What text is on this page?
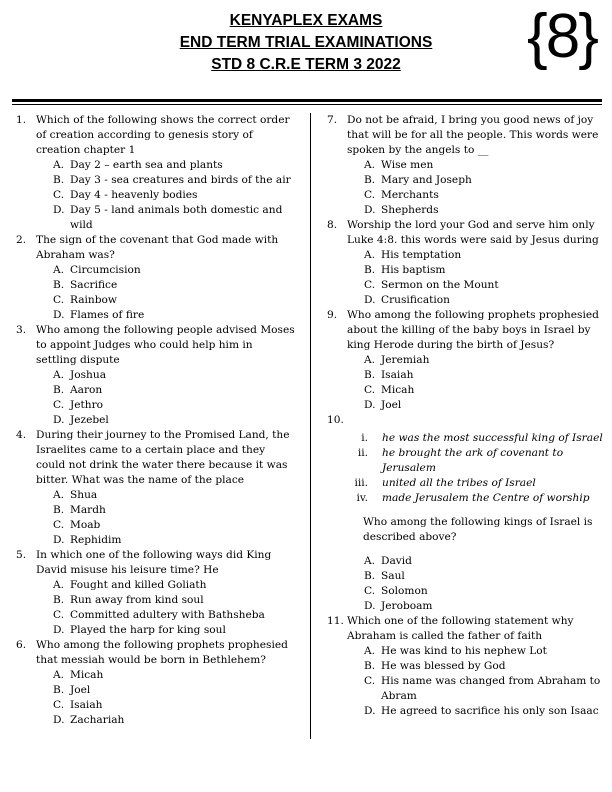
KENYAPLEX EXAMS
END TERM TRIAL EXAMINATIONS
STD 8 C.R.E TERM 3 2022	{8}
1. Which of the following shows the correct order of creation according to genesis story of creation chapter 1
A. Day 2 – earth sea and plants
B. Day 3 - sea creatures and birds of the air
C. Day 4 - heavenly bodies
D. Day 5 - land animals both domestic and wild
2. The sign of the covenant that God made with Abraham was?
A. Circumcision
B. Sacrifice
C. Rainbow
D. Flames of fire
3. Who among the following people advised Moses to appoint Judges who could help him in settling dispute
A. Joshua
B. Aaron
C. Jethro
D. Jezebel
4. During their journey to the Promised Land, the Israelites came to a certain place and they could not drink the water there because it was bitter. What was the name of the place
A. Shua
B. Mardh
C. Moab
D. Rephidim
5. In which one of the following ways did King David misuse his leisure time? He
A. Fought and killed Goliath
B. Run away from kind soul
C. Committed adultery with Bathsheba
D. Played the harp for king soul
6. Who among the following prophets prophesied that messiah would be born in Bethlehem?
A. Micah
B. Joel
C. Isaiah
D. Zachariah
7. Do not be afraid, I bring you good news of joy that will be for all the people. This words were spoken by the angels to __
A. Wise men
B. Mary and Joseph
C. Merchants
D. Shepherds
8. Worship the lord your God and serve him only Luke 4:8. this words were said by Jesus during
A. His temptation
B. His baptism
C. Sermon on the Mount
D. Crusification
9. Who among the following prophets prophesied about the killing of the baby boys in Israel by king Herode during the birth of Jesus?
A. Jeremiah
B. Isaiah
C. Micah
D. Joel
10.

i. he was the most successful king of Israel
ii. he brought the ark of covenant to Jerusalem
iii. united all the tribes of Israel
iv. made Jerusalem the Centre of worship
Who among the following kings of Israel is described above?
A. David
B. Saul
C. Solomon
D. Jeroboam
11. Which one of the following statement why Abraham is called the father of faith
A. He was kind to his nephew Lot
B. He was blessed by God
C. His name was changed from Abraham to Abram
D. He agreed to sacrifice his only son Isaac
